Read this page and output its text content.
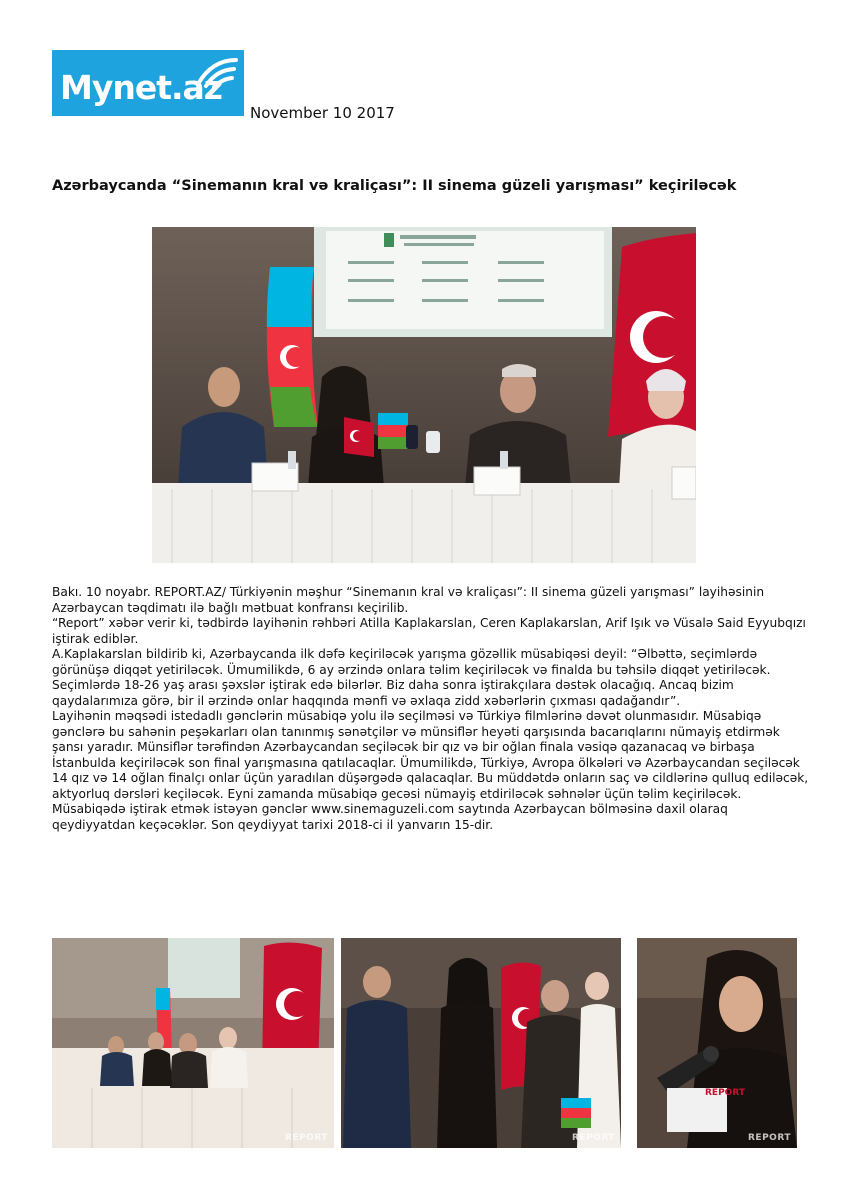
Mynet.az
November 10 2017
Azərbaycanda “Sinemanın kral və kraliçası”: II sinema güzeli yarışması” keçiriləcək

Bakı. 10 noyabr. REPORT.AZ/ Türkiyənin məşhur “Sinemanın kral və kraliçası”: II sinema güzeli yarışması” layihəsinin Azərbaycan təqdimatı ilə bağlı mətbuat konfransı keçirilib.

“Report” xəbər verir ki, tədbirdə layihənin rəhbəri Atilla Kaplakarslan, Ceren Kaplakarslan, Arif Işık və Vüsalə Said Eyyubqızı iştirak ediblər.

A.Kaplakarslan bildirib ki, Azərbaycanda ilk dəfə keçiriləcək yarışma gözəllik müsabiqəsi deyil: “Əlbəttə, seçimlərdə görünüşə diqqət yetiriləcək. Ümumilikdə, 6 ay ərzində onlara təlim keçiriləcək və finalda bu təhsilə diqqət yetiriləcək. Seçimlərdə 18-26 yaş arası şəxslər iştirak edə bilərlər. Biz daha sonra iştirakçılara dəstək olacağıq. Ancaq bizim qaydalarımıza görə, bir il ərzində onlar haqqında mənfi və əxlaqa zidd xəbərlərin çıxması qadağandır”.

Layihənin məqsədi istedadlı gənclərin müsabiqə yolu ilə seçilməsi və Türkiyə filmlərinə dəvət olunmasıdır. Müsabiqə gənclərə bu sahənin peşəkarları olan tanınmış sənətçilər və münsiflər heyəti qarşısında bacarıqlarını nümayiş etdirmək şansı yaradır. Münsiflər tərəfindən Azərbaycandan seçiləcək bir qız və bir oğlan finala vəsiqə qazanacaq və birbaşa İstanbulda keçiriləcək son final yarışmasına qatılacaqlar. Ümumilikdə, Türkiyə, Avropa ölkələri və Azərbaycandan seçiləcək 14 qız və 14 oğlan finalçı onlar üçün yaradılan düşərgədə qalacaqlar. Bu müddətdə onların saç və cildlərinə qulluq ediləcək, aktyorluq dərsləri keçiləcək. Eyni zamanda müsabiqə gecəsi nümayiş etdiriləcək səhnələr üçün təlim keçiriləcək.

Müsabiqədə iştirak etmək istəyən gənclər www.sinemaguzeli.com saytında Azərbaycan bölməsinə daxil olaraq qeydiyyatdan keçəcəklər. Son qeydiyyat tarixi 2018-ci il yanvarın 15-dir.

REPORT	REPORT
REPORT
REPORT
